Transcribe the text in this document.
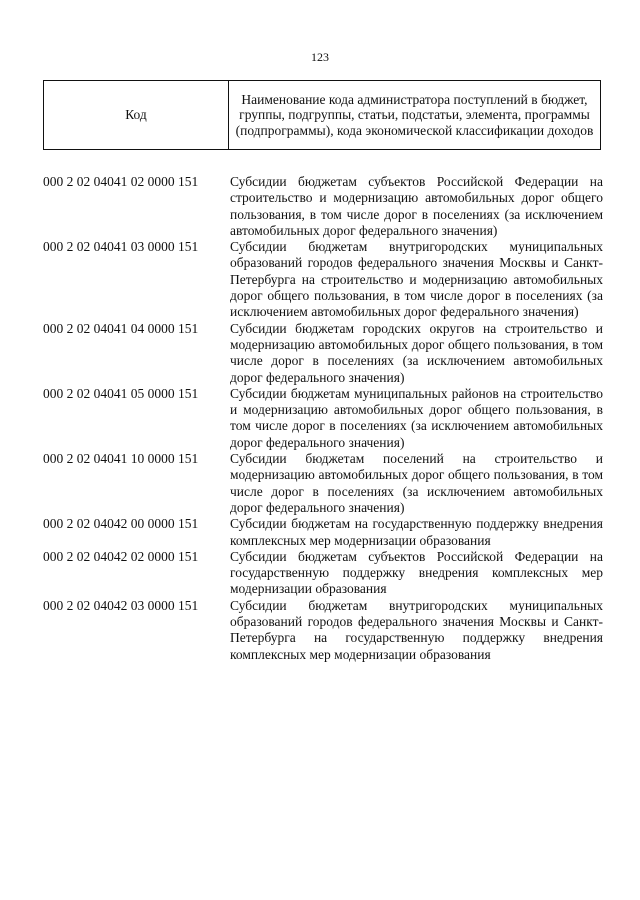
123
Код	Наименование кода администратора поступлений в бюджет, группы, подгруппы, статьи, подстатьи, элемента, программы (подпрограммы), кода экономической классификации доходов
000 2 02 04041 02 0000 151	Субсидии бюджетам субъектов Российской Федерации на строительство и модернизацию автомобильных дорог общего пользования, в том числе дорог в поселениях (за исключением автомобильных дорог федерального значения)
000 2 02 04041 03 0000 151	Субсидии бюджетам внутригородских муниципальных образований городов федерального значения Москвы и Санкт-Петербурга на строительство и модернизацию автомобильных дорог общего пользования, в том числе дорог в поселениях (за исключением автомобильных дорог федерального значения)
000 2 02 04041 04 0000 151	Субсидии бюджетам городских округов на строительство и модернизацию автомобильных дорог общего пользования, в том числе дорог в поселениях (за исключением автомобильных дорог федерального значения)
000 2 02 04041 05 0000 151	Субсидии бюджетам муниципальных районов на строительство и модернизацию автомобильных дорог общего пользования, в том числе дорог в поселениях (за исключением автомобильных дорог федерального значения)
000 2 02 04041 10 0000 151	Субсидии бюджетам поселений на строительство и модернизацию автомобильных дорог общего пользования, в том числе дорог в поселениях (за исключением автомобильных дорог федерального значения)
000 2 02 04042 00 0000 151	Субсидии бюджетам на государственную поддержку внедрения комплексных мер модернизации образования
000 2 02 04042 02 0000 151	Субсидии бюджетам субъектов Российской Федерации на государственную поддержку внедрения комплексных мер модернизации образования
000 2 02 04042 03 0000 151	Субсидии бюджетам внутригородских муниципальных образований городов федерального значения Москвы и Санкт-Петербурга на государственную поддержку внедрения комплексных мер модернизации образования
